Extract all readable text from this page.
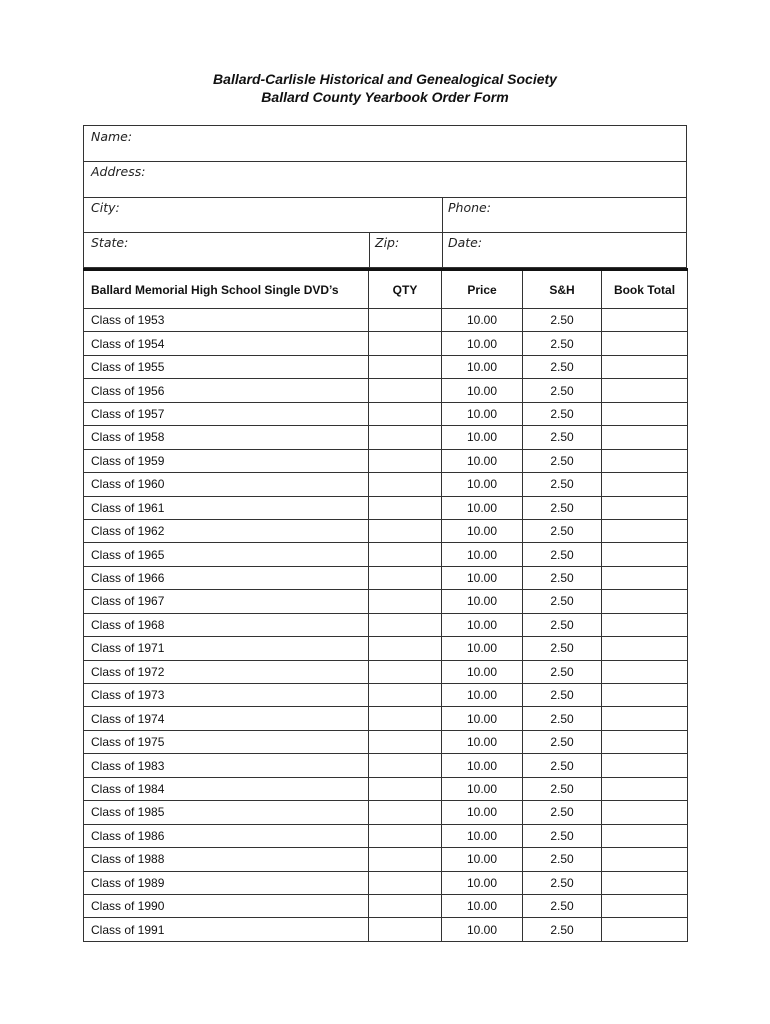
Ballard-Carlisle Historical and Genealogical Society
Ballard County Yearbook Order Form
Name:
Address:
City:	Phone:
State:	Zip:	Date:
Ballard Memorial High School Single DVD’s	QTY	Price	S&H	Book Total
Class of 1953		10.00	2.50	
Class of 1954		10.00	2.50	
Class of 1955		10.00	2.50	
Class of 1956		10.00	2.50	
Class of 1957		10.00	2.50	
Class of 1958		10.00	2.50	
Class of 1959		10.00	2.50	
Class of 1960		10.00	2.50	
Class of 1961		10.00	2.50	
Class of 1962		10.00	2.50	
Class of 1965		10.00	2.50	
Class of 1966		10.00	2.50	
Class of 1967		10.00	2.50	
Class of 1968		10.00	2.50	
Class of 1971		10.00	2.50	
Class of 1972		10.00	2.50	
Class of 1973		10.00	2.50	
Class of 1974		10.00	2.50	
Class of 1975		10.00	2.50	
Class of 1983		10.00	2.50	
Class of 1984		10.00	2.50	
Class of 1985		10.00	2.50	
Class of 1986		10.00	2.50	
Class of 1988		10.00	2.50	
Class of 1989		10.00	2.50	
Class of 1990		10.00	2.50	
Class of 1991		10.00	2.50	
